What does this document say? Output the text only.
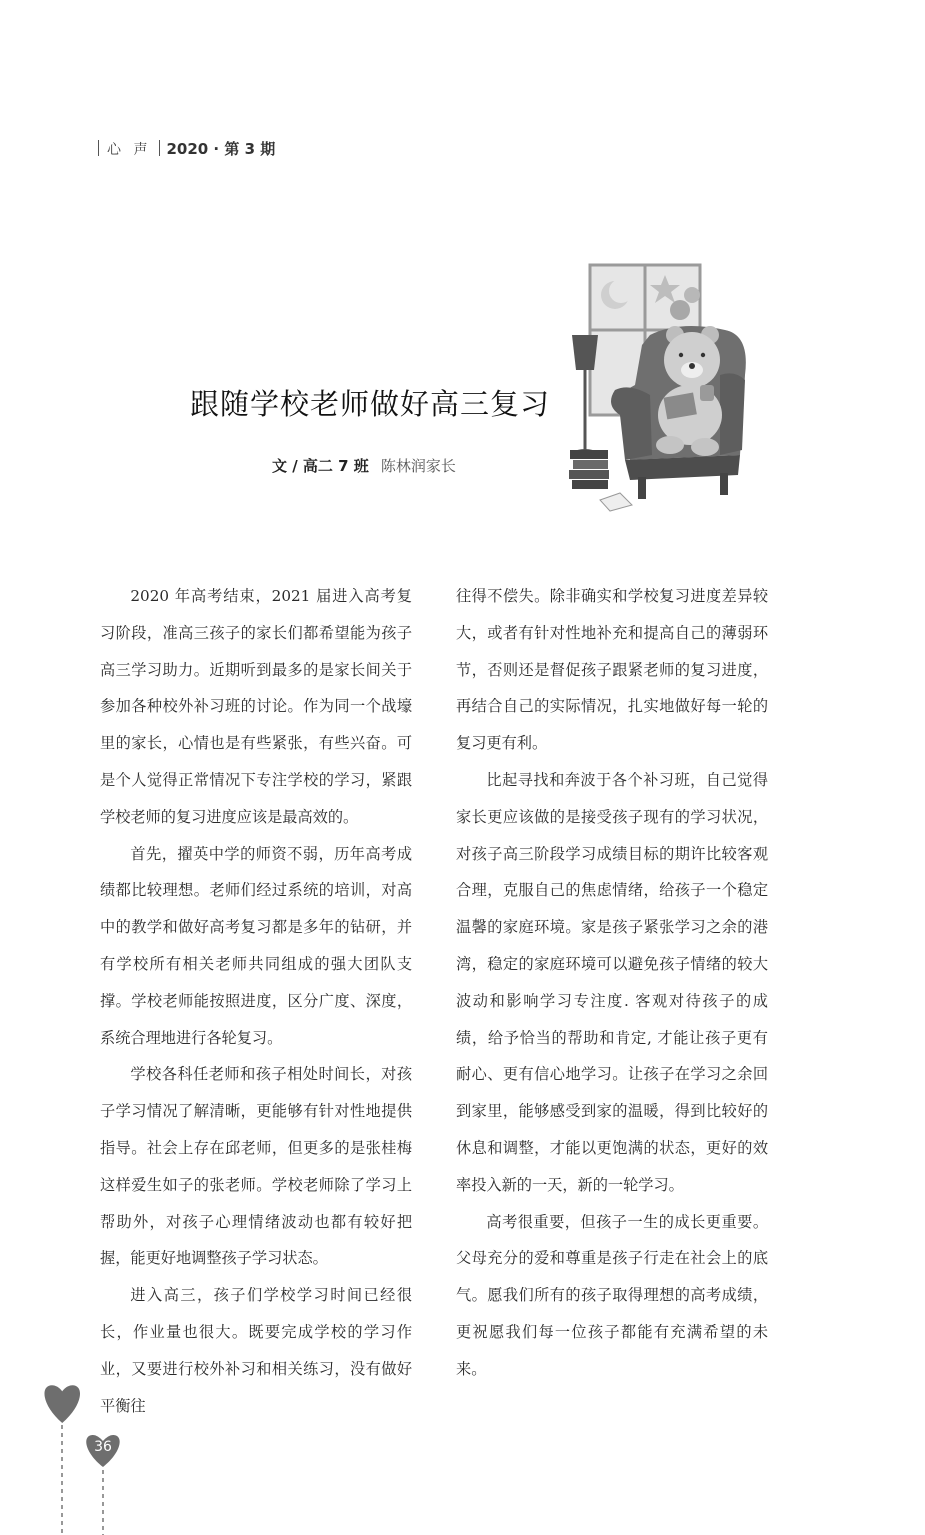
心 声 2020 · 第 3 期
跟随学校老师做好高三复习
文 / 高二 7 班 陈林润家长

2020 年高考结束，2021 届进入高考复习阶段，准高三孩子的家长们都希望能为孩子高三学习助力。近期听到最多的是家长间关于参加各种校外补习班的讨论。作为同一个战壕里的家长，心情也是有些紧张，有些兴奋。可是个人觉得正常情况下专注学校的学习，紧跟学校老师的复习进度应该是最高效的。

首先，擢英中学的师资不弱，历年高考成绩都比较理想。老师们经过系统的培训，对高中的教学和做好高考复习都是多年的钻研，并有学校所有相关老师共同组成的强大团队支撑。学校老师能按照进度，区分广度、深度，系统合理地进行各轮复习。

学校各科任老师和孩子相处时间长，对孩子学习情况了解清晰，更能够有针对性地提供指导。社会上存在邱老师，但更多的是张桂梅这样爱生如子的张老师。学校老师除了学习上帮助外，对孩子心理情绪波动也都有较好把握，能更好地调整孩子学习状态。

进入高三，孩子们学校学习时间已经很长，作业量也很大。既要完成学校的学习作业，又要进行校外补习和相关练习，没有做好平衡往

往得不偿失。除非确实和学校复习进度差异较大，或者有针对性地补充和提高自己的薄弱环节，否则还是督促孩子跟紧老师的复习进度，再结合自己的实际情况，扎实地做好每一轮的复习更有利。

比起寻找和奔波于各个补习班，自己觉得家长更应该做的是接受孩子现有的学习状况，对孩子高三阶段学习成绩目标的期许比较客观合理，克服自己的焦虑情绪，给孩子一个稳定温馨的家庭环境。家是孩子紧张学习之余的港湾，稳定的家庭环境可以避免孩子情绪的较大波动和影响学习专注度. 客观对待孩子的成绩，给予恰当的帮助和肯定, 才能让孩子更有耐心、更有信心地学习。让孩子在学习之余回到家里，能够感受到家的温暖，得到比较好的休息和调整，才能以更饱满的状态，更好的效率投入新的一天，新的一轮学习。

高考很重要，但孩子一生的成长更重要。父母充分的爱和尊重是孩子行走在社会上的底气。愿我们所有的孩子取得理想的高考成绩，更祝愿我们每一位孩子都能有充满希望的未来。

36
